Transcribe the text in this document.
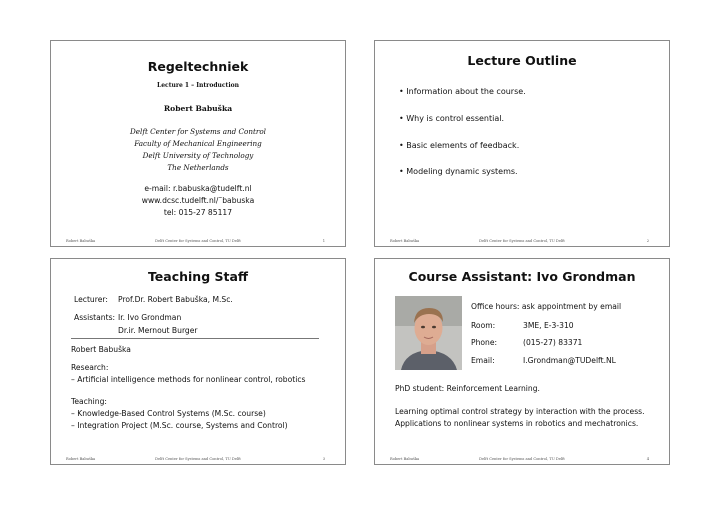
Regeltechniek
Lecture 1 – Introduction
Robert Babuška
Delft Center for Systems and Control
Faculty of Mechanical Engineering
Delft University of Technology
The Netherlands
e-mail: r.babuska@tudelft.nl
www.dcsc.tudelft.nl/˜babuska
tel: 015-27 85117
Robert Babuška	Delft Center for Systems and Control, TU Delft	1
Lecture Outline
• Information about the course.
• Why is control essential.
• Basic elements of feedback.
• Modeling dynamic systems.
Robert Babuška	Delft Center for Systems and Control, TU Delft	2
Teaching Staff
Lecturer: Prof.Dr. Robert Babuška, M.Sc.
Assistants: Ir. Ivo Grondman
Dr.ir. Mernout Burger
Robert Babuška
Research:
– Artificial intelligence methods for nonlinear control, robotics
Teaching:
– Knowledge-Based Control Systems (M.Sc. course)
– Integration Project (M.Sc. course, Systems and Control)
Robert Babuška	Delft Center for Systems and Control, TU Delft	3
Course Assistant: Ivo Grondman
Office hours: ask appointment by email
Room:	3ME, E-3-310
Phone:	(015-27) 83371
Email:	I.Grondman@TUDelft.NL
PhD student: Reinforcement Learning.
Learning optimal control strategy by interaction with the process.
Applications to nonlinear systems in robotics and mechatronics.
Robert Babuška	Delft Center for Systems and Control, TU Delft	4
